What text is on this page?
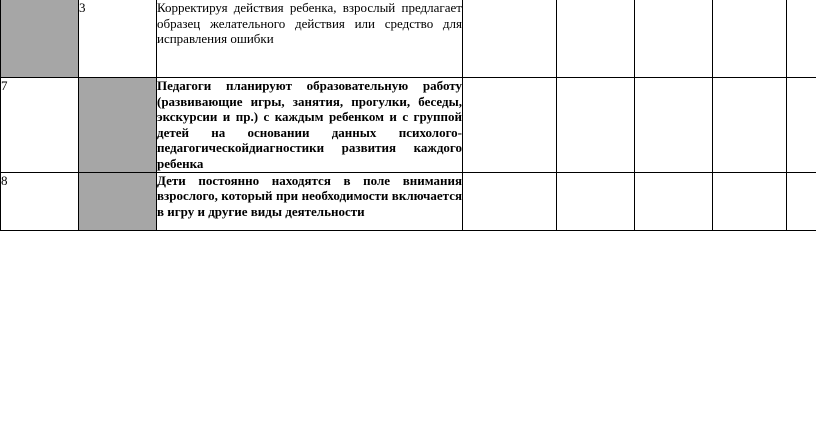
	3	Корректируя действия ребенка, взрослый предлагает образец желательного действия или средство для исправления ошибки					

7		Педагоги планируют образовательную работу (развивающие игры, занятия, прогулки, беседы, экскурсии и пр.) с каждым ребенком и с группой детей на основании данных психолого-педагогическойдиагностики развития каждого ребенка					

8		Дети постоянно находятся в поле внимания взрослого, который при необходимости включается в игру и другие виды деятельности					
